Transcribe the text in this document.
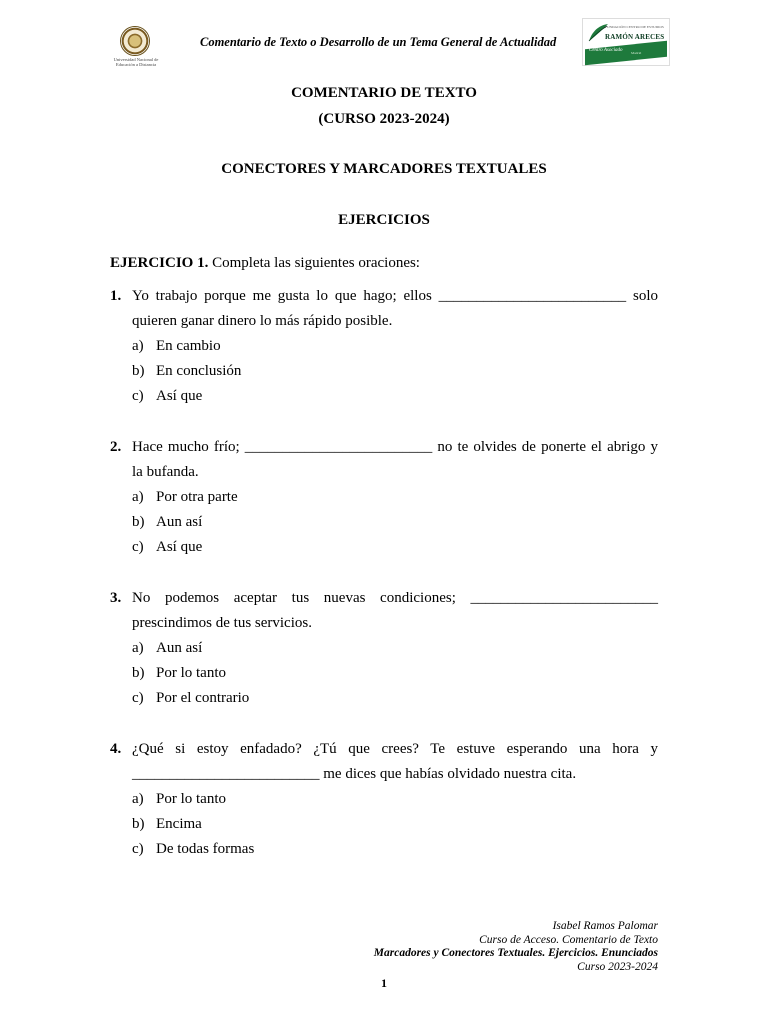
Universidad Nacional de Educación a Distancia
Comentario de Texto o Desarrollo de un Tema General de Actualidad
FUNDACIÓN CENTRO DE ESTUDIOS
RAMÓN ARECES
Centro Asociado Madrid
COMENTARIO DE TEXTO
(CURSO 2023-2024)
CONECTORES Y MARCADORES TEXTUALES
EJERCICIOS
EJERCICIO 1. Completa las siguientes oraciones:
1. Yo trabajo porque me gusta lo que hago; ellos _________________________ solo
quieren ganar dinero lo más rápido posible.
a) En cambio
b) En conclusión
c) Así que
2. Hace mucho frío; _________________________ no te olvides de ponerte el abrigo y
la bufanda.
a) Por otra parte
b) Aun así
c) Así que
3. No podemos aceptar tus nuevas condiciones; _________________________
prescindimos de tus servicios.
a) Aun así
b) Por lo tanto
c) Por el contrario
4. ¿Qué si estoy enfadado? ¿Tú que crees? Te estuve esperando una hora y
_________________________ me dices que habías olvidado nuestra cita.
a) Por lo tanto
b) Encima
c) De todas formas
Isabel Ramos Palomar
Curso de Acceso. Comentario de Texto
Marcadores y Conectores Textuales. Ejercicios. Enunciados
Curso 2023-2024
1
